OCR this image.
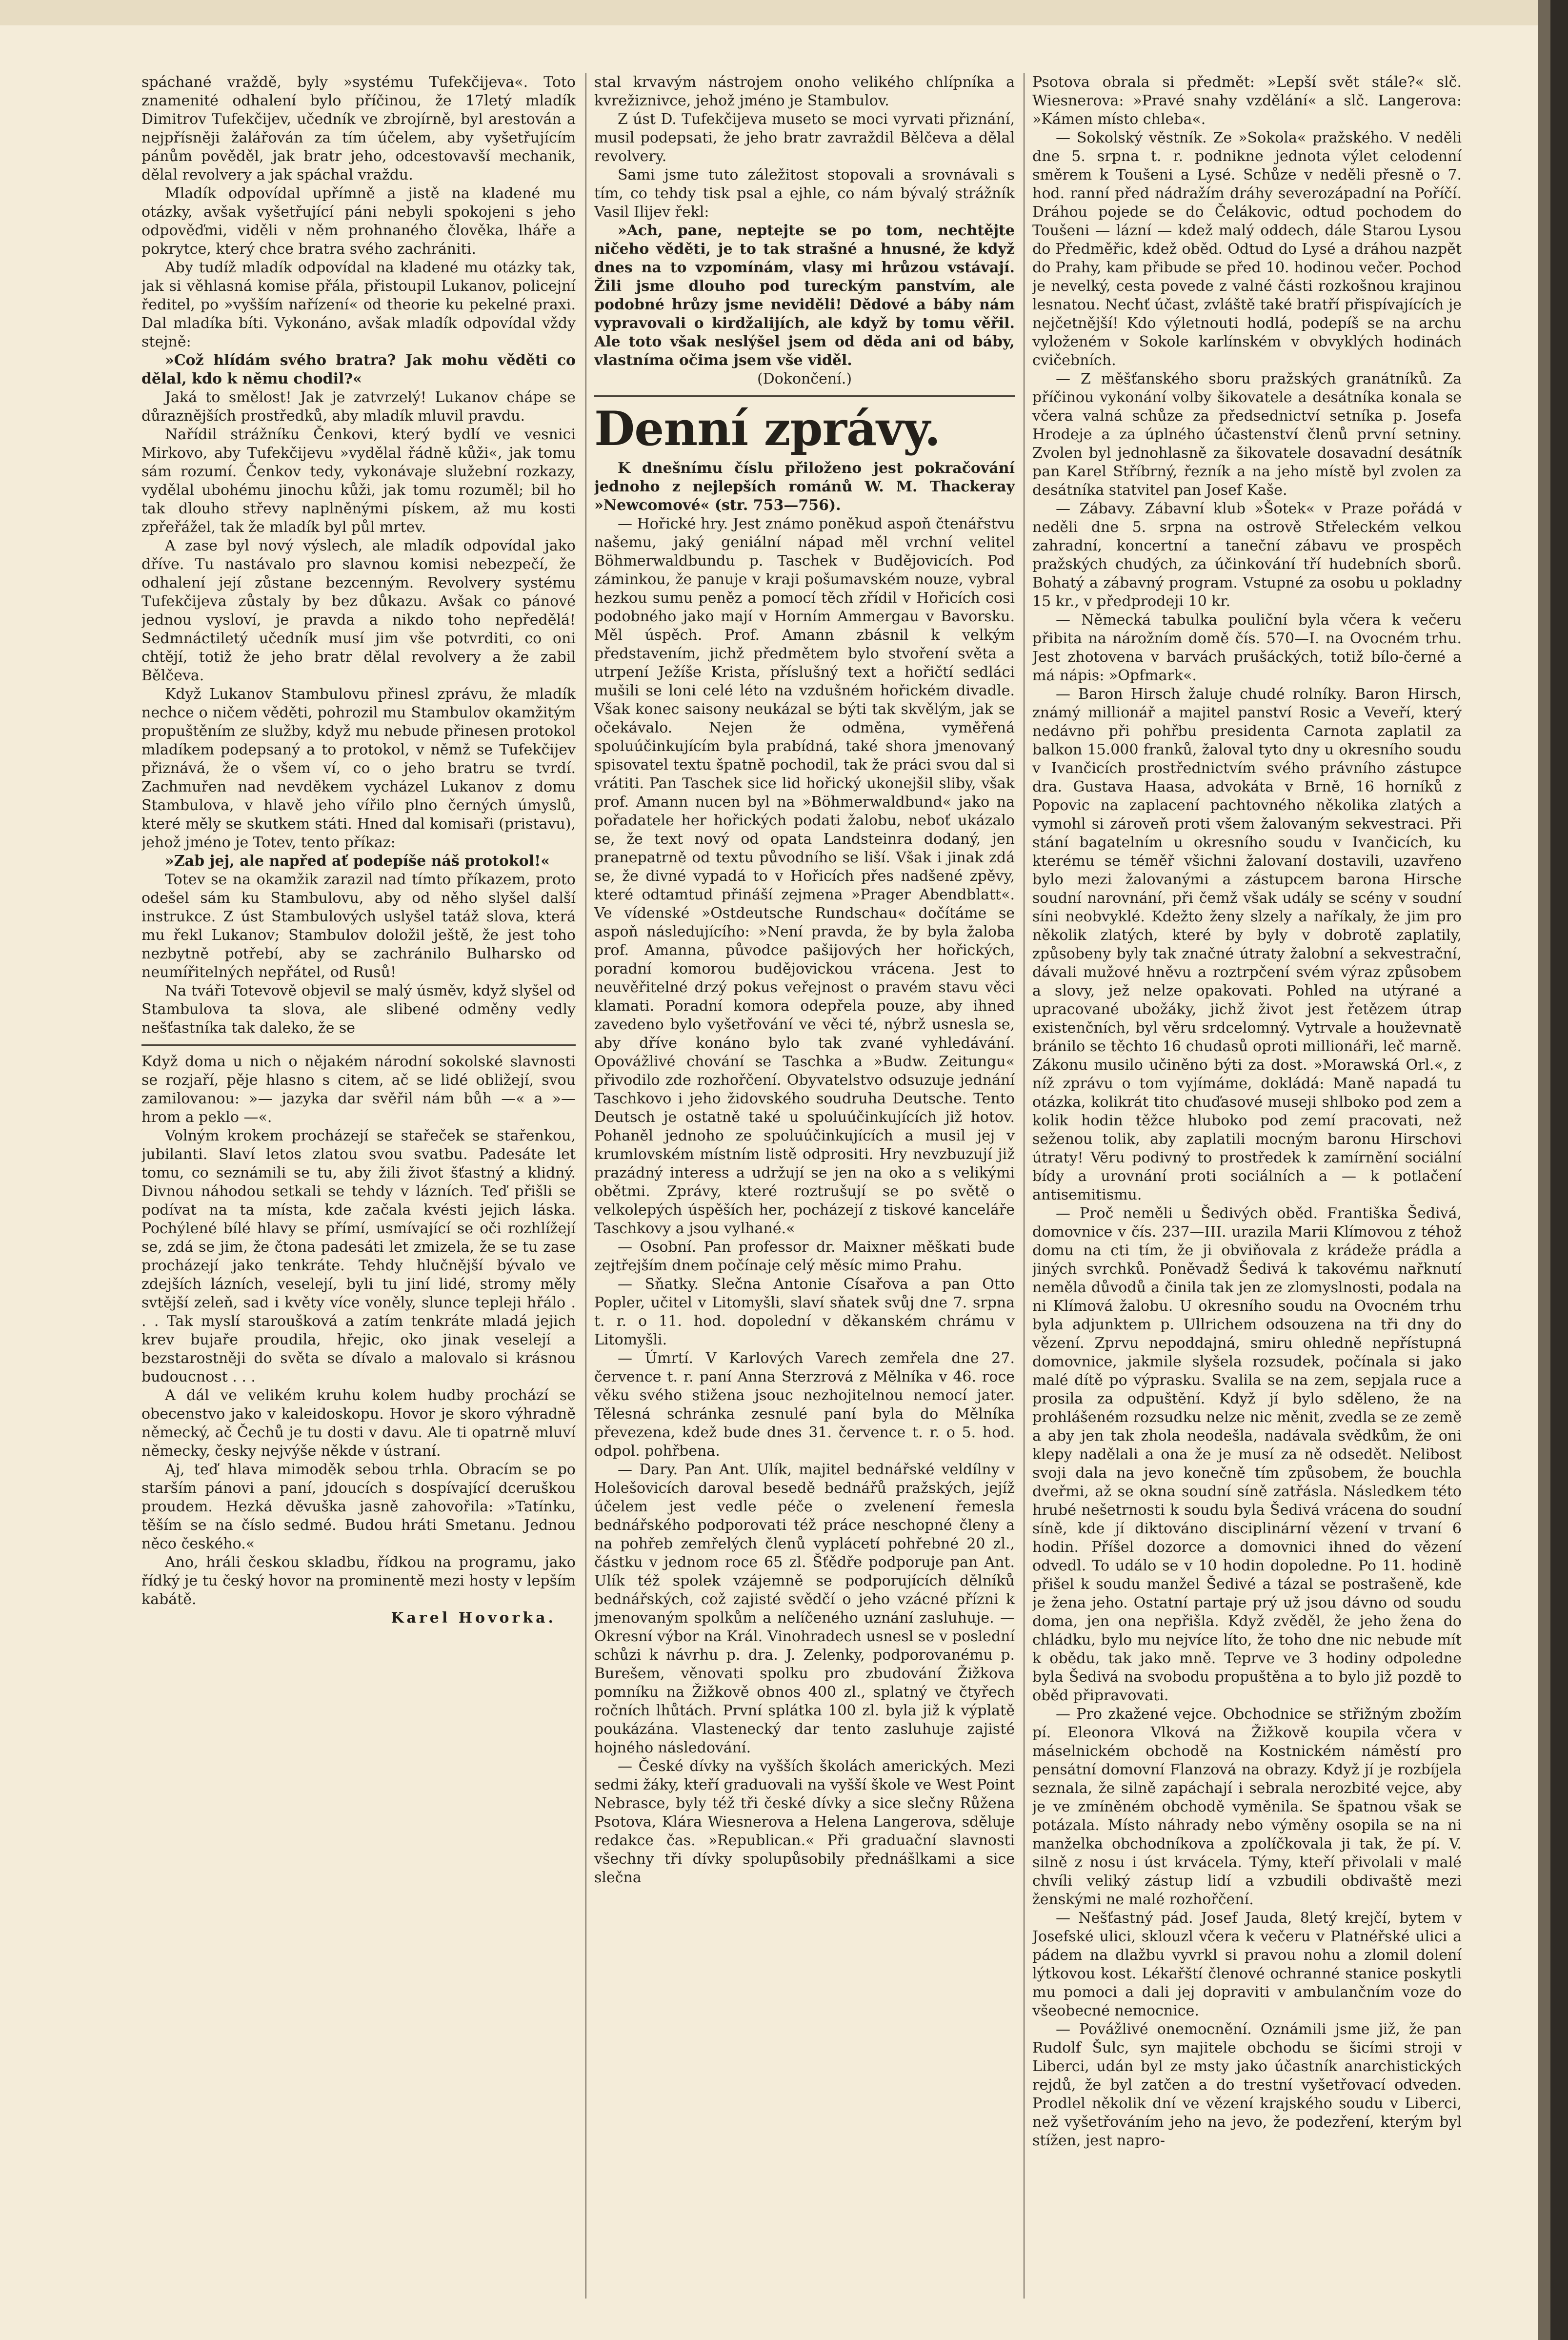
spáchané vraždě, byly »systému Tufekčijeva«. Toto znamenité odhalení bylo příčinou, že 17letý mladík Dimitrov Tufekčijev, učedník ve zbrojírně, byl arestován a nejpřísněji žalářován za tím účelem, aby vyšetřujícím pánům pověděl, jak bratr jeho, odcestovavší mechanik, dělal revolvery a jak spáchal vraždu.

Mladík odpovídal upřímně a jistě na kladené mu otázky, avšak vyšetřující páni nebyli spokojeni s jeho odpověďmi, viděli v něm prohnaného člověka, lháře a pokrytce, který chce bratra svého zachrániti.

Aby tudíž mladík odpovídal na kladené mu otázky tak, jak si věhlasná komise přála, přistoupil Lukanov, policejní ředitel, po »vyšším nařízení« od theorie ku pekelné praxi. Dal mladíka bíti. Vykonáno, avšak mladík odpovídal vždy stejně:

»Což hlídám svého bratra? Jak mohu věděti co dělal, kdo k němu chodil?«

Jaká to smělost! Jak je zatvrzelý! Lukanov chápe se důraznějších prostředků, aby mladík mluvil pravdu.

Nařídil strážníku Čenkovi, který bydlí ve vesnici Mirkovo, aby Tufekčijevu »vydělal řádně kůži«, jak tomu sám rozumí. Čenkov tedy, vykonávaje služební rozkazy, vydělal ubohému jinochu kůži, jak tomu rozuměl; bil ho tak dlouho střevy naplněnými pískem, až mu kosti zpřeřážel, tak že mladík byl půl mrtev.

A zase byl nový výslech, ale mladík odpovídal jako dříve. Tu nastávalo pro slavnou komisi nebezpečí, že odhalení její zůstane bezcenným. Revolvery systému Tufekčijeva zůstaly by bez důkazu. Avšak co pánové jednou vysloví, je pravda a nikdo toho nepředělá! Sedmnáctiletý učedník musí jim vše potvrditi, co oni chtějí, totiž že jeho bratr dělal revolvery a že zabil Bělčeva.

Když Lukanov Stambulovu přinesl zprávu, že mladík nechce o ničem věděti, pohrozil mu Stambulov okamžitým propuštěním ze služby, když mu nebude přinesen protokol mladíkem podepsaný a to protokol, v němž se Tufekčijev přiznává, že o všem ví, co o jeho bratru se tvrdí. Zachmuřen nad nevděkem vycházel Lukanov z domu Stambulova, v hlavě jeho vířilo plno černých úmyslů, které měly se skutkem státi. Hned dal komisaři (pristavu), jehož jméno je Totev, tento příkaz:

»Zab jej, ale napřed ať podepíše náš protokol!«

Totev se na okamžik zarazil nad tímto příkazem, proto odešel sám ku Stambulovu, aby od něho slyšel další instrukce. Z úst Stambulových uslyšel tatáž slova, která mu řekl Lukanov; Stambulov doložil ještě, že jest toho nezbytně potřebí, aby se zachránilo Bulharsko od neumířitelných nepřátel, od Rusů!

Na tváři Totevově objevil se malý úsměv, když slyšel od Stambulova ta slova, ale slibené odměny vedly nešťastníka tak daleko, že se

Když doma u nich o nějakém národní sokolské slavnosti se rozjaří, pěje hlasno s citem, ač se lidé obližejí, svou zamilovanou: »— jazyka dar svěřil nám bůh —« a »— hrom a peklo —«.

Volným krokem procházejí se stařeček se stařenkou, jubilanti. Slaví letos zlatou svou svatbu. Padesáte let tomu, co seznámili se tu, aby žili život šťastný a klidný. Divnou náhodou setkali se tehdy v lázních. Teď přišli se podívat na ta místa, kde začala kvésti jejich láska. Pochýlené bílé hlavy se přímí, usmívající se oči rozhlížejí se, zdá se jim, že čtona padesáti let zmizela, že se tu zase procházejí jako tenkráte. Tehdy hlučnější bývalo ve zdejších lázních, veselejí, byli tu jiní lidé, stromy měly svtější zeleň, sad i květy více voněly, slunce tepleji hřálo . . . Tak myslí staroušková a zatím tenkráte mladá jejich krev bujaře proudila, hřejic, oko jinak veselejí a bezstarostněji do světa se dívalo a malovalo si krásnou budoucnost . . .

A dál ve velikém kruhu kolem hudby prochází se obecenstvo jako v kaleidoskopu. Hovor je skoro výhradně německý, ač Čechů je tu dosti v davu. Ale ti opatrně mluví německy, česky nejvýše někde v ústraní.

Aj, teď hlava mimoděk sebou trhla. Obracím se po starším pánovi a paní, jdoucích s dospívající dceruškou proudem. Hezká děvuška jasně zahovořila: »Tatínku, těším se na číslo sedmé. Budou hráti Smetanu. Jednou něco českého.«

Ano, hráli českou skladbu, řídkou na programu, jako řídký je tu český hovor na prominentě mezi hosty v lepším kabátě.

Karel Hovorka.

stal krvavým nástrojem onoho velikého chlípníka a kvrežiznivce, jehož jméno je Stambulov.

Z úst D. Tufekčijeva museto se moci vyrvati přiznání, musil podepsati, že jeho bratr zavraždil Bělčeva a dělal revolvery.

Sami jsme tuto záležitost stopovali a srovnávali s tím, co tehdy tisk psal a ejhle, co nám bývalý strážník Vasil Ilijev řekl:

»Ach, pane, neptejte se po tom, nechtějte ničeho věděti, je to tak strašné a hnusné, že když dnes na to vzpomínám, vlasy mi hrůzou vstávají. Žili jsme dlouho pod tureckým panstvím, ale podobné hrůzy jsme neviděli! Dědové a báby nám vypravovali o kirdžalijích, ale když by tomu věřil. Ale toto však neslýšel jsem od děda ani od báby, vlastníma očima jsem vše viděl.

(Dokončení.)

Denní zprávy.

K dnešnímu číslu přiloženo jest pokračování jednoho z nejlepších románů W. M. Thackeray »Newcomové« (str. 753—756).

— Hořické hry. Jest známo poněkud aspoň čtenářstvu našemu, jaký geniální nápad měl vrchní velitel Böhmerwaldbundu p. Taschek v Budějovicích. Pod záminkou, že panuje v kraji pošumavském nouze, vybral hezkou sumu peněz a pomocí těch zřídil v Hořicích cosi podobného jako mají v Horním Ammergau v Bavorsku. Měl úspěch. Prof. Amann zbásnil k velkým představením, jichž předmětem bylo stvoření světa a utrpení Ježíše Krista, příslušný text a hořičtí sedláci mušili se loni celé léto na vzdušném hořickém divadle. Však konec saisony neukázal se býti tak skvělým, jak se očekávalo. Nejen že odměna, vyměřená spoluúčinkujícím byla prabídná, také shora jmenovaný spisovatel textu špatně pochodil, tak že práci svou dal si vrátiti. Pan Taschek sice lid hořický ukonejšil sliby, však prof. Amann nucen byl na »Böhmerwaldbund« jako na pořadatele her hořických podati žalobu, neboť ukázalo se, že text nový od opata Landsteinra dodaný, jen pranepatrně od textu původního se liší. Však i jinak zdá se, že divné vypadá to v Hořicích přes nadšené zpěvy, které odtamtud přináší zejmena »Prager Abendblatt«. Ve vídenské »Ostdeutsche Rundschau« dočítáme se aspoň následujícího: »Není pravda, že by byla žaloba prof. Amanna, původce pašijových her hořických, poradní komorou budějovickou vrácena. Jest to neuvěřitelné drzý pokus veřejnost o pravém stavu věci klamati. Poradní komora odepřela pouze, aby ihned zavedeno bylo vyšetřování ve věci té, nýbrž usnesla se, aby dříve konáno bylo tak zvané vyhledávání. Opovážlivé chování se Taschka a »Budw. Zeitungu« přivodilo zde rozhořčení. Obyvatelstvo odsuzuje jednání Taschkovo i jeho židovského soudruha Deutsche. Tento Deutsch je ostatně také u spoluúčinkujících již hotov. Pohaněl jednoho ze spoluúčinkujících a musil jej v krumlovském místním listě odprositi. Hry nevzbuzují již prazádný interess a udržují se jen na oko a s velikými obětmi. Zprávy, které roztrušují se po světě o velkolepých úspěších her, pocházejí z tiskové kanceláře Taschkovy a jsou vylhané.«

— Osobní. Pan professor dr. Maixner měškati bude zejtřejším dnem počínaje celý měsíc mimo Prahu.

— Sňatky. Slečna Antonie Císařova a pan Otto Popler, učitel v Litomyšli, slaví sňatek svůj dne 7. srpna t. r. o 11. hod. dopolední v děkanském chrámu v Litomyšli.

— Úmrtí. V Karlových Varech zemřela dne 27. července t. r. paní Anna Sterzrová z Mělníka v 46. roce věku svého stižena jsouc nezhojitelnou nemocí jater. Tělesná schránka zesnulé paní byla do Mělníka převezena, kdež bude dnes 31. července t. r. o 5. hod. odpol. pohřbena.

— Dary. Pan Ant. Ulík, majitel bednářské veldílny v Holešovicích daroval besedě bednářů pražských, jejíž účelem jest vedle péče o zvelenení řemesla bednářského podporovati též práce neschopné členy a na pohřeb zemřelých členů vyplácetí pohřebné 20 zl., částku v jednom roce 65 zl. Šťědře podporuje pan Ant. Ulík též spolek vzájemně se podporujících dělníků bednářských, což zajisté svědčí o jeho vzácné přízni k jmenovaným spolkům a nelíčeného uznání zasluhuje. — Okresní výbor na Král. Vinohradech usnesl se v poslední schůzi k návrhu p. dra. J. Zelenky, podporovanému p. Burešem, věnovati spolku pro zbudování Žižkova pomníku na Žižkově obnos 400 zl., splatný ve čtyřech ročních lhůtách. První splátka 100 zl. byla již k výplatě poukázána. Vlastenecký dar tento zasluhuje zajisté hojného následování.

— České dívky na vyšších školách amerických. Mezi sedmi žáky, kteří graduovali na vyšší škole ve West Point Nebrasce, byly též tři české dívky a sice slečny Růžena Psotova, Klára Wiesnerova a Helena Langerova, sděluje redakce čas. »Republican.« Při graduační slavnosti všechny tři dívky spolupůsobily přednášlkami a sice slečna

Psotova obrala si předmět: »Lepší svět stále?« slč. Wiesnerova: »Pravé snahy vzdělání« a slč. Langerova: »Kámen místo chleba«.

— Sokolský věstník. Ze »Sokola« pražského. V neděli dne 5. srpna t. r. podnikne jednota výlet celodenní směrem k Toušeni a Lysé. Schůze v neděli přesně o 7. hod. ranní před nádražím dráhy severozápadní na Poříčí. Dráhou pojede se do Čelákovic, odtud pochodem do Toušeni — lázní — kdež malý oddech, dále Starou Lysou do Předměřic, kdež oběd. Odtud do Lysé a dráhou nazpět do Prahy, kam přibude se před 10. hodinou večer. Pochod je nevelký, cesta povede z valné části rozkošnou krajinou lesnatou. Nechť účast, zvláště také bratří přispívajících je nejčetnější! Kdo výletnouti hodlá, podepíš se na archu vyloženém v Sokole karlínském v obvyklých hodinách cvičebních.

— Z měšťanského sboru pražských granátníků. Za příčinou vykonání volby šikovatele a desátníka konala se včera valná schůze za předsednictví setníka p. Josefa Hrodeje a za úplného účastenství členů první setniny. Zvolen byl jednohlasně za šikovatele dosavadní desátník pan Karel Stříbrný, řezník a na jeho místě byl zvolen za desátníka statvitel pan Josef Kaše.

— Zábavy. Zábavní klub »Šotek« v Praze pořádá v neděli dne 5. srpna na ostrově Střeleckém velkou zahradní, koncertní a taneční zábavu ve prospěch pražských chudých, za účinkování tří hudebních sborů. Bohatý a zábavný program. Vstupné za osobu u pokladny 15 kr., v předprodeji 10 kr.

— Německá tabulka pouliční byla včera k večeru přibita na nárožním domě čís. 570—I. na Ovocném trhu. Jest zhotovena v barvách prušáckých, totiž bílo-černé a má nápis: »Opfmark«.

— Baron Hirsch žaluje chudé rolníky. Baron Hirsch, známý millionář a majitel panství Rosic a Veveří, který nedávno při pohřbu presidenta Carnota zaplatil za balkon 15.000 franků, žaloval tyto dny u okresního soudu v Ivančicích prostřednictvím svého právního zástupce dra. Gustava Haasa, advokáta v Brně, 16 horníků z Popovic na zaplacení pachtovného několika zlatých a vymohl si zároveň proti všem žalovaným sekvestraci. Při stání bagatelním u okresního soudu v Ivančicích, ku kterému se téměř všichni žalovaní dostavili, uzavřeno bylo mezi žalovanými a zástupcem barona Hirsche soudní narovnání, při čemž však udály se scény v soudní síni neobvyklé. Kdežto ženy slzely a naříkaly, že jim pro několik zlatých, které by byly v dobrotě zaplatily, způsobeny byly tak značné útraty žalobní a sekvestrační, dávali mužové hněvu a roztrpčení svém výraz způsobem a slovy, jež nelze opakovati. Pohled na utýrané a upracované ubožáky, jichž život jest řetězem útrap existenčních, byl věru srdcelomný. Vytrvale a houževnatě bránilo se těchto 16 chudasů oproti millionáři, leč marně. Zákonu musilo učiněno býti za dost. »Morawská Orl.«, z níž zprávu o tom vyjímáme, dokládá: Maně napadá tu otázka, kolikrát tito chuďasové museji shlboko pod zem a kolik hodin těžce hluboko pod zemí pracovati, než seženou tolik, aby zaplatili mocným baronu Hirschovi útraty! Věru podivný to prostředek k zamírnění sociální bídy a urovnání proti sociálních a — k potlačení antisemitismu.

— Proč neměli u Šedivých oběd. Františka Šedivá, domovnice v čís. 237—III. urazila Marii Klímovou z téhož domu na cti tím, že ji obviňovala z krádeže prádla a jiných svrchků. Poněvadž Šedivá k takovému nařknutí neměla důvodů a činila tak jen ze zlomyslnosti, podala na ni Klímová žalobu. U okresního soudu na Ovocném trhu byla adjunktem p. Ullrichem odsouzena na tři dny do vězení. Zprvu nepoddajná, smiru ohledně nepřístupná domovnice, jakmile slyšela rozsudek, počínala si jako malé dítě po výprasku. Svalila se na zem, sepjala ruce a prosila za odpuštění. Když jí bylo sděleno, že na prohlášeném rozsudku nelze nic měnit, zvedla se ze země a aby jen tak zhola neodešla, nadávala svědkům, že oni klepy nadělali a ona že je musí za ně odsedět. Nelibost svoji dala na jevo konečně tím způsobem, že bouchla dveřmi, až se okna soudní síně zatřásla. Následkem této hrubé nešetrnosti k soudu byla Šedivá vrácena do soudní síně, kde jí diktováno disciplinární vězení v trvaní 6 hodin. Příšel dozorce a domovnici ihned do vězení odvedl. To událo se v 10 hodin dopoledne. Po 11. hodině přišel k soudu manžel Šedivé a tázal se postrašeně, kde je žena jeho. Ostatní partaje prý už jsou dávno od soudu doma, jen ona nepřišla. Když zvěděl, že jeho žena do chládku, bylo mu nejvíce líto, že toho dne nic nebude mít k obědu, tak jako mně. Teprve ve 3 hodiny odpoledne byla Šedivá na svobodu propuštěna a to bylo již pozdě to oběd připravovati.

— Pro zkažené vejce. Obchodnice se střižným zbožím pí. Eleonora Vlková na Žižkově koupila včera v máselnickém obchodě na Kostnickém náměstí pro pensátní domovní Flanzová na obrazy. Když jí je rozbíjela seznala, že silně zapáchají i sebrala nerozbité vejce, aby je ve zmíněném obchodě vyměnila. Se špatnou však se potázala. Místo náhrady nebo výměny osopila se na ni manželka obchodníkova a zpolíčkovala ji tak, že pí. V. silně z nosu i úst krvácela. Týmy, kteří přivolali v malé chvíli veliký zástup lidí a vzbudili obdivaště mezi ženskými ne malé rozhořčení.

— Nešťastný pád. Josef Jauda, 8letý krejčí, bytem v Josefské ulici, sklouzl včera k večeru v Platnéřské ulici a pádem na dlažbu vyvrkl si pravou nohu a zlomil dolení lýtkovou kost. Lékařští členové ochranné stanice poskytli mu pomoci a dali jej dopraviti v ambulančním voze do všeobecné nemocnice.

— Povážlivé onemocnění. Oznámili jsme již, že pan Rudolf Šulc, syn majitele obchodu se šicími stroji v Liberci, udán byl ze msty jako účastník anarchistických rejdů, že byl zatčen a do trestní vyšetřovací odveden. Prodlel několik dní ve vězení krajského soudu v Liberci, než vyšetřováním jeho na jevo, že podezření, kterým byl stížen, jest napro-
